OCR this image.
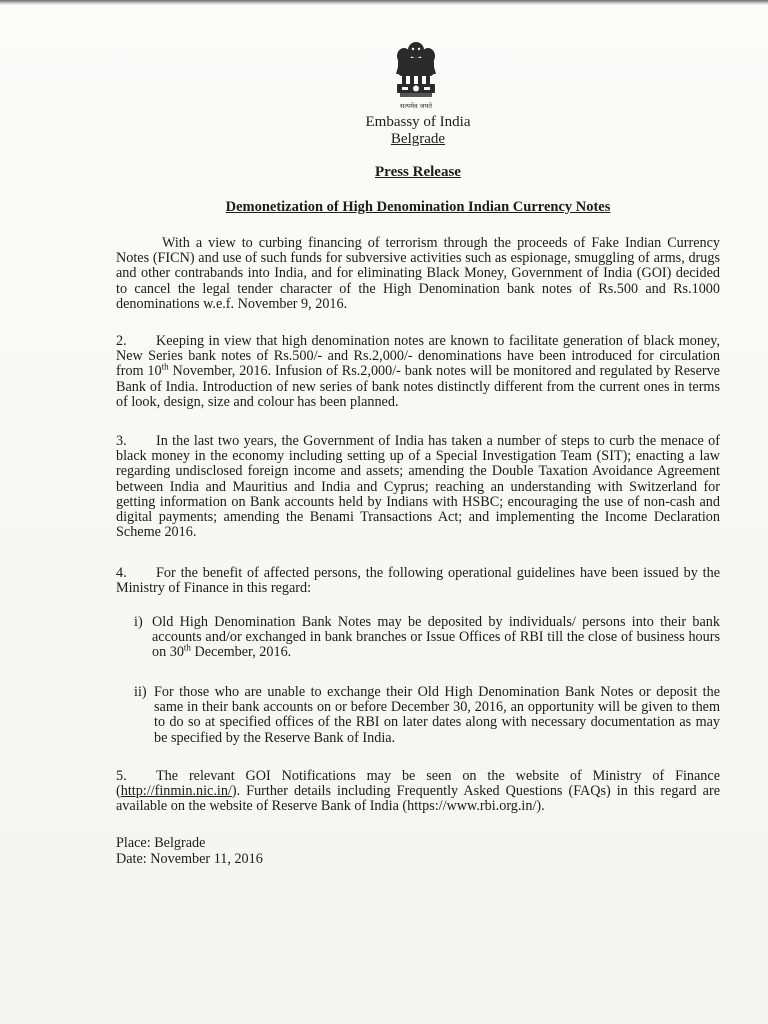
सत्यमेव जयते
Embassy of India
Belgrade
Press Release
Demonetization of High Denomination Indian Currency Notes
With a view to curbing financing of terrorism through the proceeds of Fake Indian Currency Notes (FICN) and use of such funds for subversive activities such as espionage, smuggling of arms, drugs and other contrabands into India, and for eliminating Black Money, Government of India (GOI) decided to cancel the legal tender character of the High Denomination bank notes of Rs.500 and Rs.1000 denominations w.e.f. November 9, 2016.
2. Keeping in view that high denomination notes are known to facilitate generation of black money, New Series bank notes of Rs.500/- and Rs.2,000/- denominations have been introduced for circulation from 10th November, 2016. Infusion of Rs.2,000/- bank notes will be monitored and regulated by Reserve Bank of India. Introduction of new series of bank notes distinctly different from the current ones in terms of look, design, size and colour has been planned.
3. In the last two years, the Government of India has taken a number of steps to curb the menace of black money in the economy including setting up of a Special Investigation Team (SIT); enacting a law regarding undisclosed foreign income and assets; amending the Double Taxation Avoidance Agreement between India and Mauritius and India and Cyprus; reaching an understanding with Switzerland for getting information on Bank accounts held by Indians with HSBC; encouraging the use of non-cash and digital payments; amending the Benami Transactions Act; and implementing the Income Declaration Scheme 2016.
4. For the benefit of affected persons, the following operational guidelines have been issued by the Ministry of Finance in this regard:
i) Old High Denomination Bank Notes may be deposited by individuals/ persons into their bank accounts and/or exchanged in bank branches or Issue Offices of RBI till the close of business hours on 30th December, 2016.
ii) For those who are unable to exchange their Old High Denomination Bank Notes or deposit the same in their bank accounts on or before December 30, 2016, an opportunity will be given to them to do so at specified offices of the RBI on later dates along with necessary documentation as may be specified by the Reserve Bank of India.
5. The relevant GOI Notifications may be seen on the website of Ministry of Finance (http://finmin.nic.in/). Further details including Frequently Asked Questions (FAQs) in this regard are available on the website of Reserve Bank of India (https://www.rbi.org.in/).
Place: Belgrade
Date: November 11, 2016
